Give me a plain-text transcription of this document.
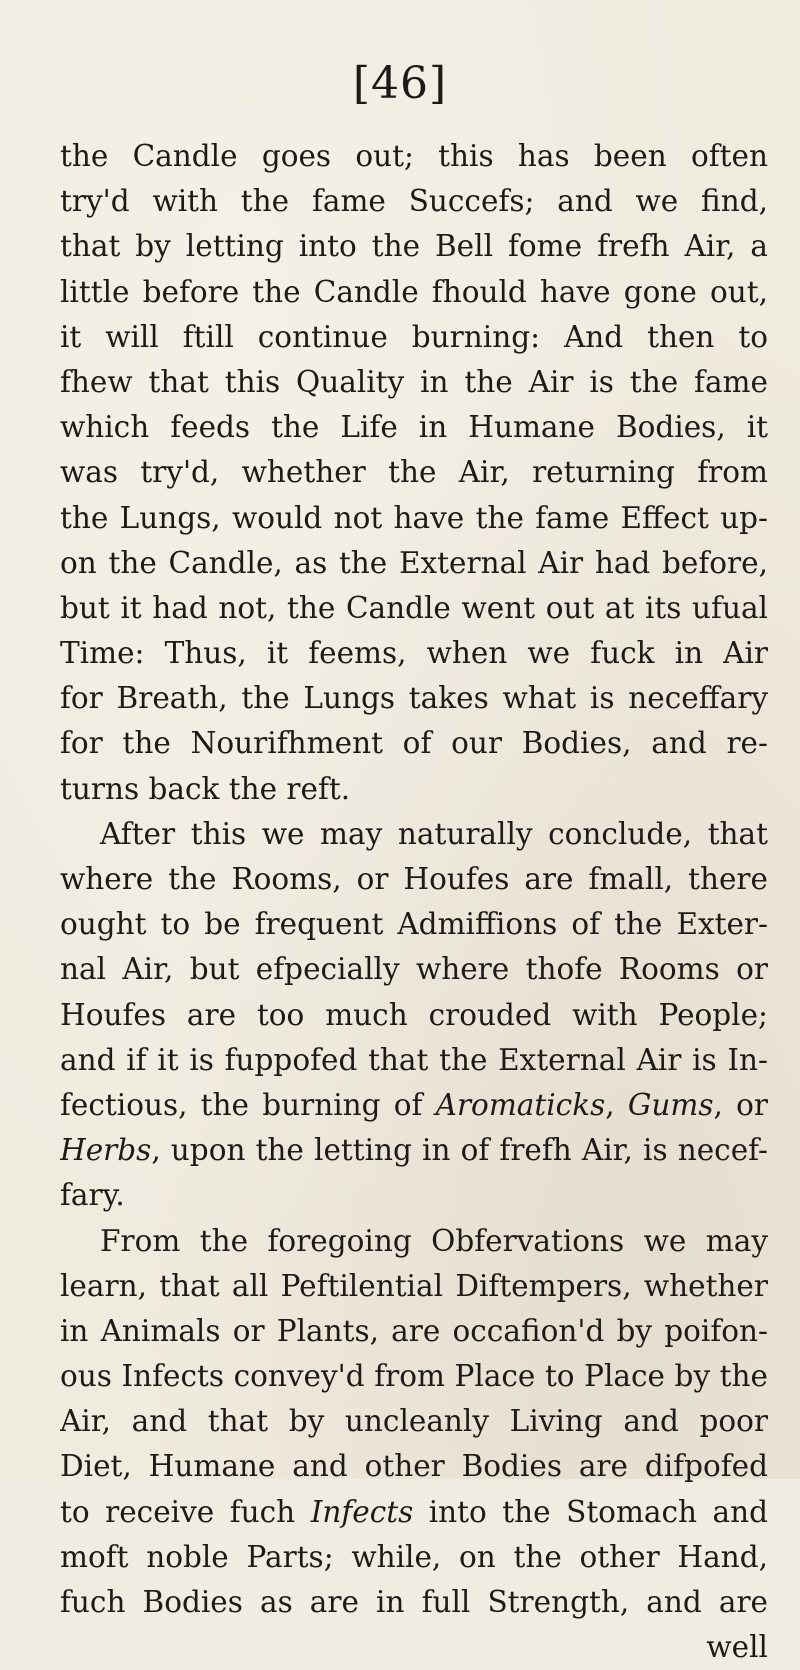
[46]
the Candle goes out; this has been often
try'd with the fame Succefs; and we find,
that by letting into the Bell fome frefh Air, a
little before the Candle fhould have gone out,
it will ftill continue burning: And then to
fhew that this Quality in the Air is the fame
which feeds the Life in Humane Bodies, it
was try'd, whether the Air, returning from
the Lungs, would not have the fame Effect up-
on the Candle, as the External Air had before,
but it had not, the Candle went out at its ufual
Time: Thus, it feems, when we fuck in Air
for Breath, the Lungs takes what is neceffary
for the Nourifhment of our Bodies, and re-
turns back the reft.
After this we may naturally conclude, that
where the Rooms, or Houfes are fmall, there
ought to be frequent Admiffions of the Exter-
nal Air, but efpecially where thofe Rooms or
Houfes are too much crouded with People;
and if it is fuppofed that the External Air is In-
fectious, the burning of Aromaticks, Gums, or
Herbs, upon the letting in of frefh Air, is necef-
fary.
From the foregoing Obfervations we may
learn, that all Peftilential Diftempers, whether
in Animals or Plants, are occafion'd by poifon-
ous Infects convey'd from Place to Place by the
Air, and that by uncleanly Living and poor
Diet, Humane and other Bodies are difpofed
to receive fuch Infects into the Stomach and
moft noble Parts; while, on the other Hand,
fuch Bodies as are in full Strength, and are
well
